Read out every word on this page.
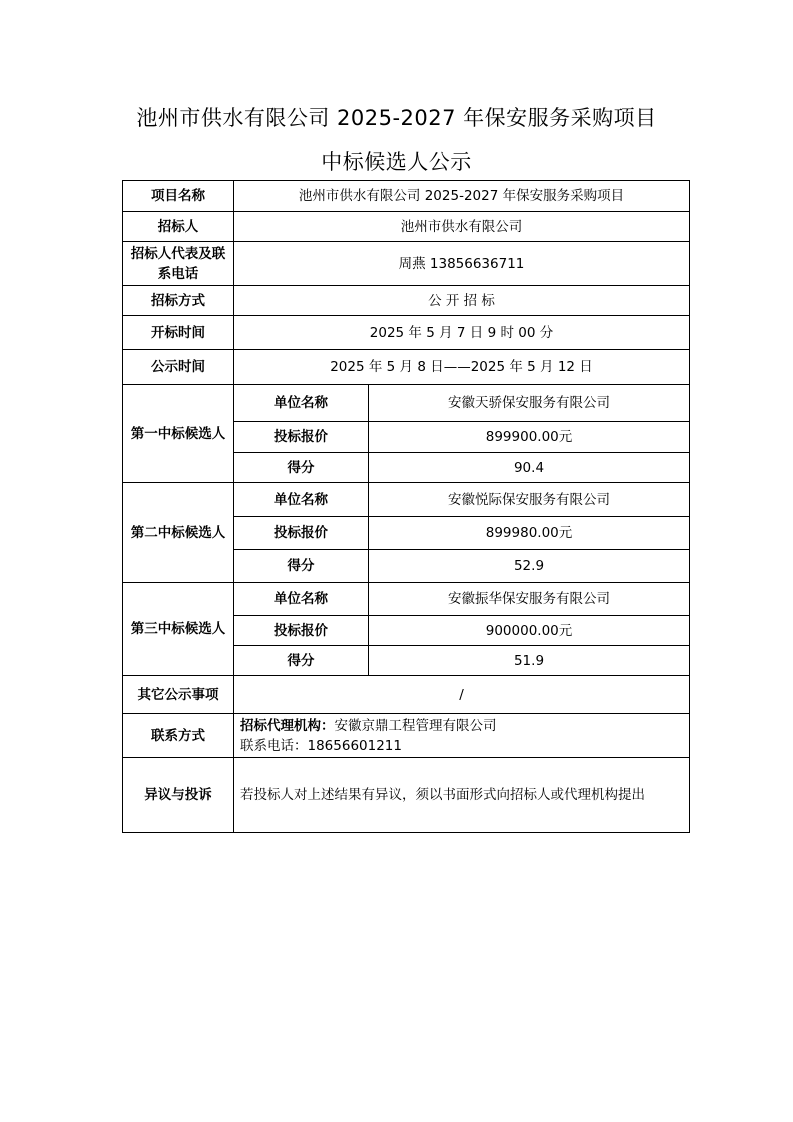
池州市供水有限公司 2025-2027 年保安服务采购项目
中标候选人公示
项目名称	池州市供水有限公司 2025-2027 年保安服务采购项目	
招标人	池州市供水有限公司	
招标人代表及联系电话	周燕 13856636711	
招标方式	公 开 招 标	
开标时间	2025 年 5 月 7 日 9 时 00 分	
公示时间	2025 年 5 月 8 日——2025 年 5 月 12 日	
第一中标候选人	单位名称	安徽天骄保安服务有限公司
	投标报价	899900.00元
	得分	90.4
第二中标候选人	单位名称	安徽悦际保安服务有限公司
	投标报价	899980.00元
	得分	52.9
第三中标候选人	单位名称	安徽振华保安服务有限公司
	投标报价	900000.00元
	得分	51.9
其它公示事项	/	
联系方式	招标代理机构：安徽京鼎工程管理有限公司
联系电话：18656601211	

异议与投诉	若投标人对上述结果有异议，须以书面形式向招标人或代理机构提出	
